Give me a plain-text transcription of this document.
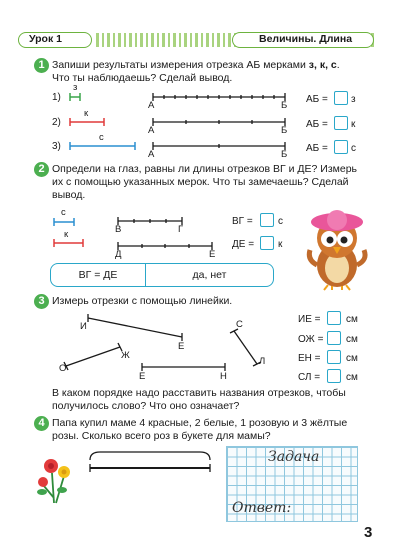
Урок 1	Величины. Длина
1 Запиши результаты измерения отрезка АБ мерками з, к, с.
Что ты наблюдаешь? Сделай вывод.
1)
з
А	Б
АБ = з
2)
к
А	Б
АБ = к
3)
с
А	Б
АБ = с
2 Определи на глаз, равны ли длины отрезков ВГ и ДЕ? Измерь
их с помощью указанных мерок. Что ты замечаешь? Сделай
вывод.
с
к	В	Г
Д	Е
ВГ =	с
ДЕ = к
ВГ = ДЕ	да, нет
3 Измерь отрезки с помощью линейки.
И
Е
С
Л
О
Ж
Е	Н
ИЕ =	см
ОЖ = см
ЕН =	см
СЛ =	см
В каком порядке надо расставить названия отрезков, чтобы
получилось слово? Что оно означает?
4 Папа купил маме 4 красные, 2 белые, 1 розовую и 3 жёлтые
розы. Сколько всего роз в букете для мамы?
Задача
Ответ:
3
